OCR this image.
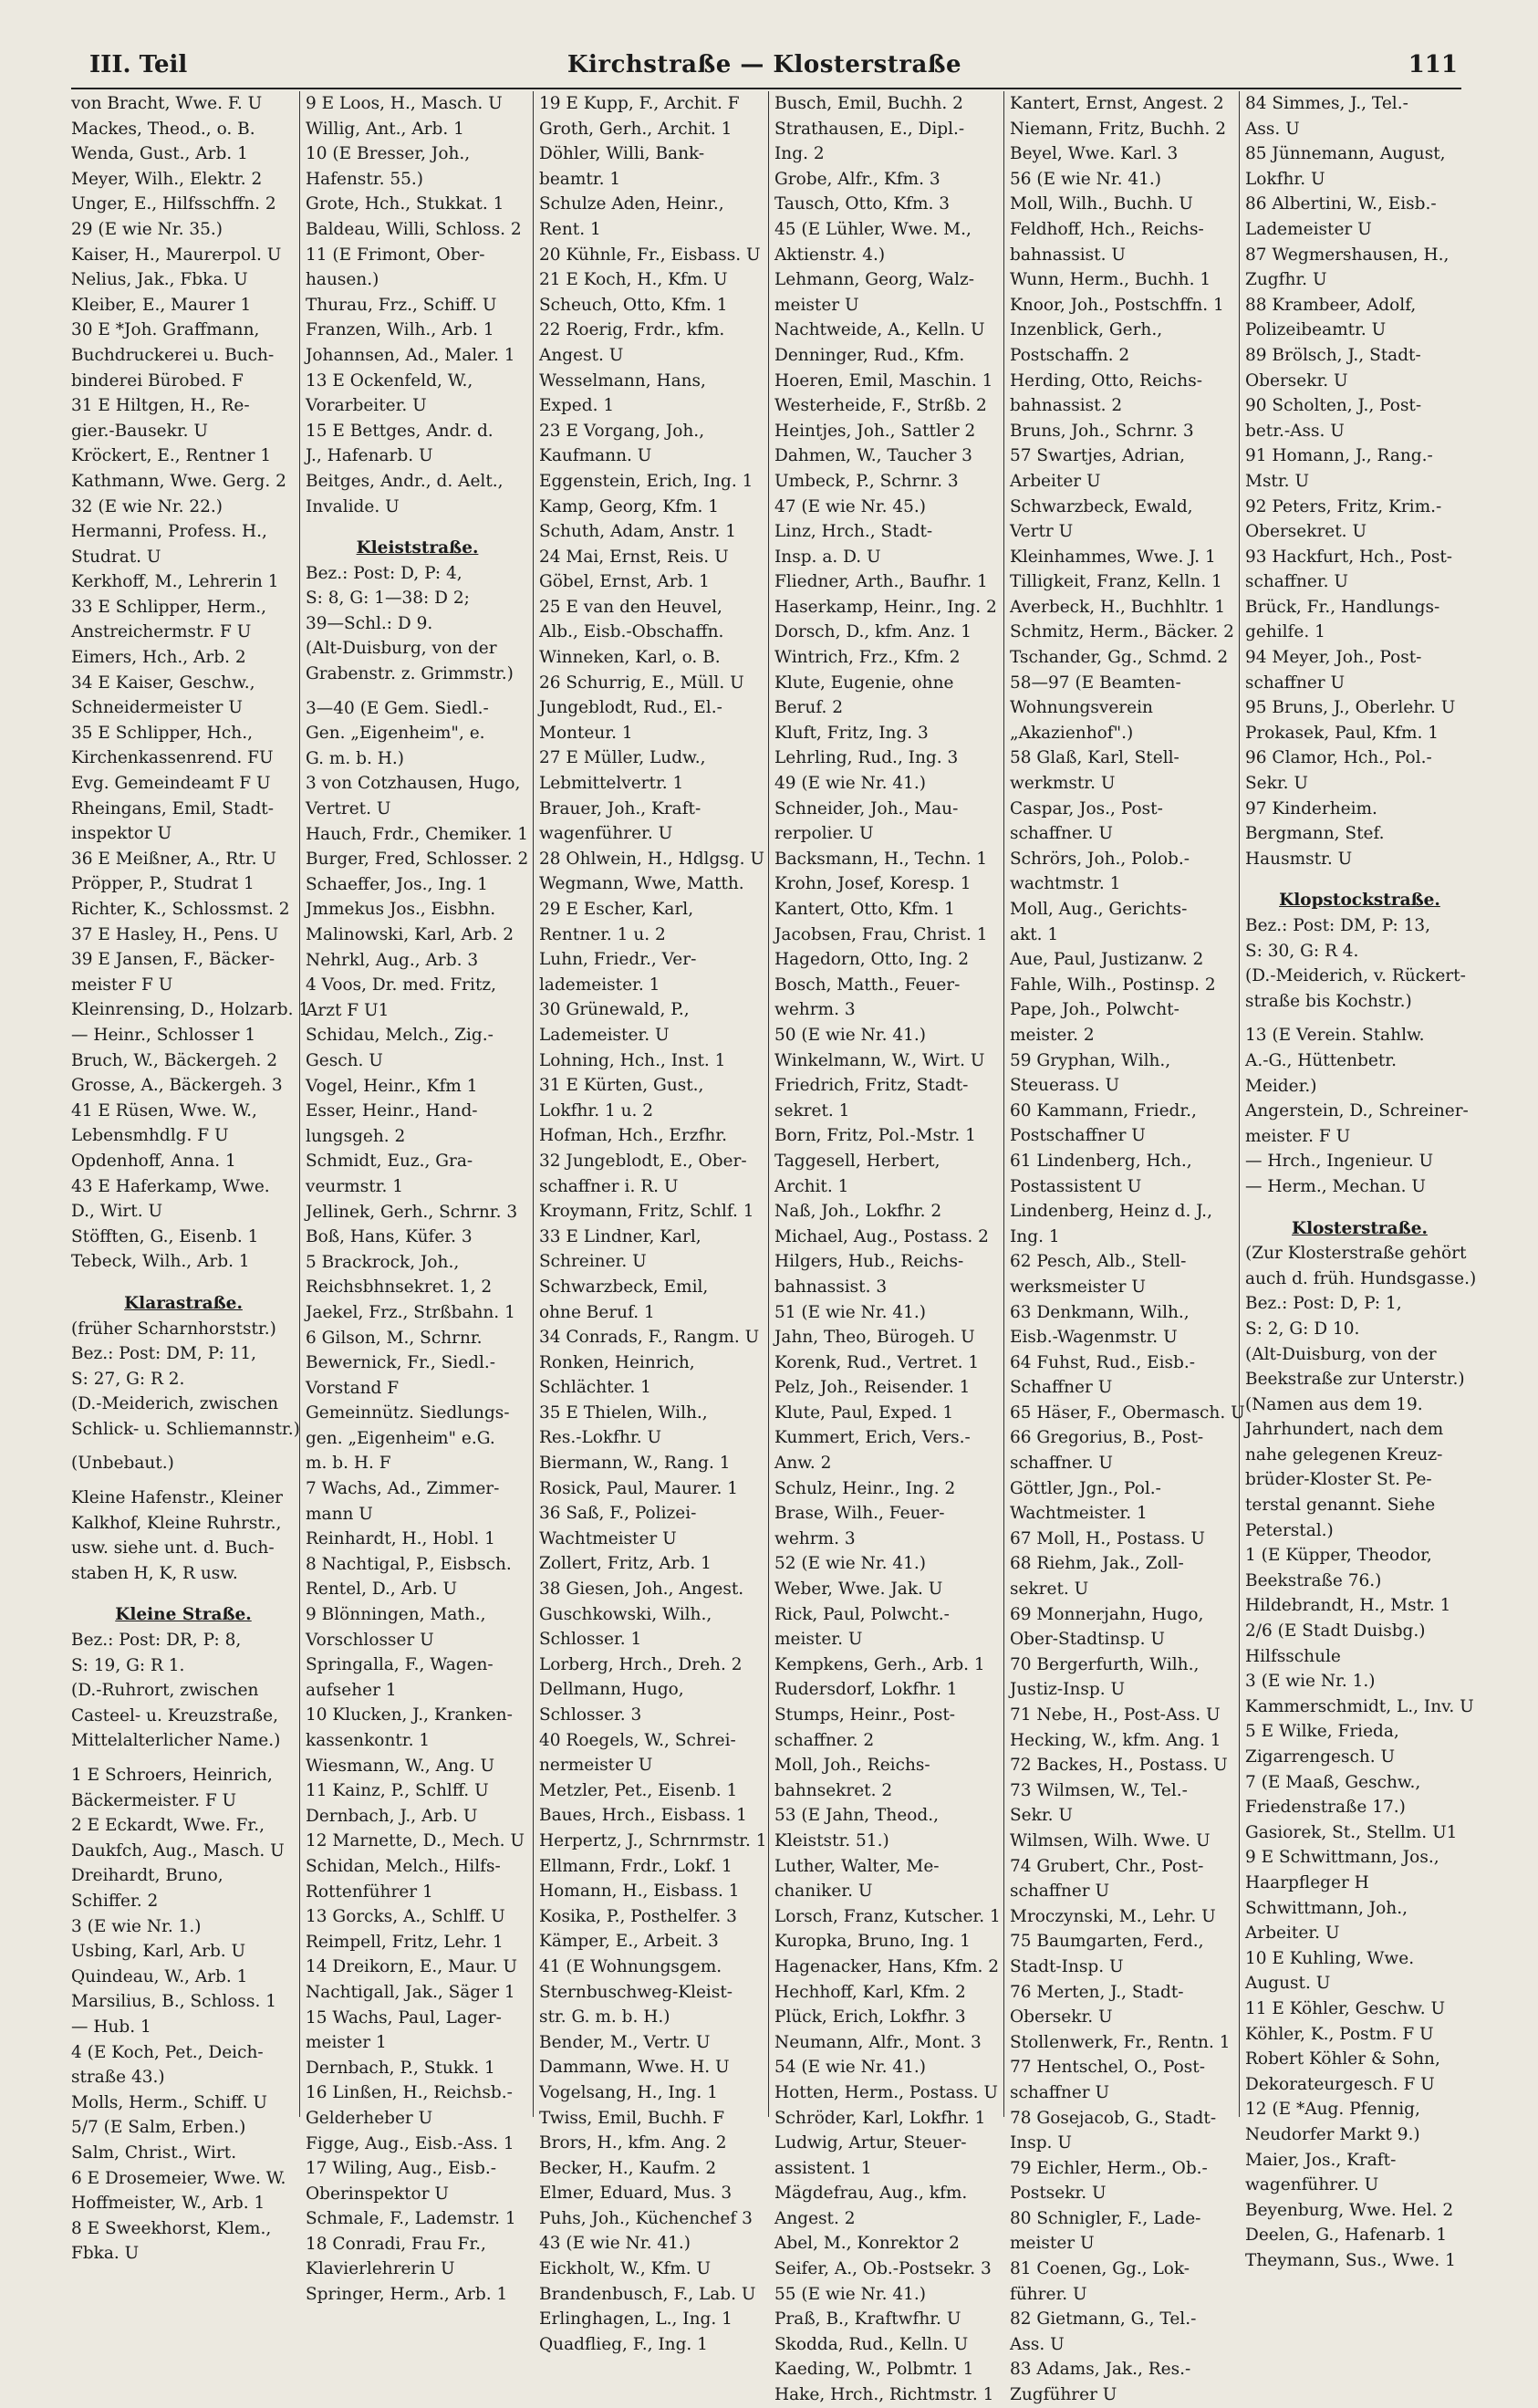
III. Teil	Kirchstraße — Klosterstraße	111
von Bracht, Wwe. F. U
Mackes, Theod., o. B.
Wenda, Gust., Arb. 1
Meyer, Wilh., Elektr. 2
Unger, E., Hilfsschffn. 2
29 (E wie Nr. 35.)
Kaiser, H., Maurerpol. U
Nelius, Jak., Fbka. U
Kleiber, E., Maurer 1
30 E *Joh. Graffmann,
Buchdruckerei u. Buch-
binderei Bürobed. F
31 E Hiltgen, H., Re-
gier.-Bausekr. U
Kröckert, E., Rentner 1
Kathmann, Wwe. Gerg. 2
32 (E wie Nr. 22.)
Hermanni, Profess. H.,
Studrat. U
Kerkhoff, M., Lehrerin 1
33 E Schlipper, Herm.,
Anstreichermstr. F U
Eimers, Hch., Arb. 2
34 E Kaiser, Geschw.,
Schneidermeister U
35 E Schlipper, Hch.,
Kirchenkassenrend. FU
Evg. Gemeindeamt F U
Rheingans, Emil, Stadt-
inspektor U
36 E Meißner, A., Rtr. U
Pröpper, P., Studrat 1
Richter, K., Schlossmst. 2
37 E Hasley, H., Pens. U
39 E Jansen, F., Bäcker-
meister F U
Kleinrensing, D., Holzarb. 1
— Heinr., Schlosser 1
Bruch, W., Bäckergeh. 2
Grosse, A., Bäckergeh. 3
41 E Rüsen, Wwe. W.,
Lebensmhdlg. F U
Opdenhoff, Anna. 1
43 E Haferkamp, Wwe.
D., Wirt. U
Stöfften, G., Eisenb. 1
Tebeck, Wilh., Arb. 1
Klarastraße.
(früher Scharnhorststr.)
Bez.: Post: DM, P: 11,
S: 27, G: R 2.
(D.-Meiderich, zwischen
Schlick- u. Schliemannstr.)
(Unbebaut.)
Kleine Hafenstr., Kleiner
Kalkhof, Kleine Ruhrstr.,
usw. siehe unt. d. Buch-
staben H, K, R usw.
Kleine Straße.
Bez.: Post: DR, P: 8,
S: 19, G: R 1.
(D.-Ruhrort, zwischen
Casteel- u. Kreuzstraße,
Mittelalterlicher Name.)
1 E Schroers, Heinrich,
Bäckermeister. F U
2 E Eckardt, Wwe. Fr.,
Daukfch, Aug., Masch. U
Dreihardt, Bruno,
Schiffer. 2
3 (E wie Nr. 1.)
Usbing, Karl, Arb. U
Quindeau, W., Arb. 1
Marsilius, B., Schloss. 1
— Hub. 1
4 (E Koch, Pet., Deich-
straße 43.)
Molls, Herm., Schiff. U
5/7 (E Salm, Erben.)
Salm, Christ., Wirt.
6 E Drosemeier, Wwe. W.
Hoffmeister, W., Arb. 1
8 E Sweekhorst, Klem.,
Fbka. U
9 E Loos, H., Masch. U
Willig, Ant., Arb. 1
10 (E Bresser, Joh.,
Hafenstr. 55.)
Grote, Hch., Stukkat. 1
Baldeau, Willi, Schloss. 2
11 (E Frimont, Ober-
hausen.)
Thurau, Frz., Schiff. U
Franzen, Wilh., Arb. 1
Johannsen, Ad., Maler. 1
13 E Ockenfeld, W.,
Vorarbeiter. U
15 E Bettges, Andr. d.
J., Hafenarb. U
Beitges, Andr., d. Aelt.,
Invalide. U
Kleiststraße.
Bez.: Post: D, P: 4,
S: 8, G: 1—38: D 2;
39—Schl.: D 9.
(Alt-Duisburg, von der
Grabenstr. z. Grimmstr.)
3—40 (E Gem. Siedl.-
Gen. „Eigenheim", e.
G. m. b. H.)
3 von Cotzhausen, Hugo,
Vertret. U
Hauch, Frdr., Chemiker. 1
Burger, Fred, Schlosser. 2
Schaeffer, Jos., Ing. 1
Jmmekus Jos., Eisbhn.
Malinowski, Karl, Arb. 2
Nehrkl, Aug., Arb. 3
4 Voos, Dr. med. Fritz,
Arzt F U1
Schidau, Melch., Zig.-
Gesch. U
Vogel, Heinr., Kfm 1
Esser, Heinr., Hand-
lungsgeh. 2
Schmidt, Euz., Gra-
veurmstr. 1
Jellinek, Gerh., Schrnr. 3
Boß, Hans, Küfer. 3
5 Brackrock, Joh.,
Reichsbhnsekret. 1, 2
Jaekel, Frz., Strßbahn. 1
6 Gilson, M., Schrnr.
Bewernick, Fr., Siedl.-
Vorstand F
Gemeinnütz. Siedlungs-
gen. „Eigenheim" e.G.
m. b. H. F
7 Wachs, Ad., Zimmer-
mann U
Reinhardt, H., Hobl. 1
8 Nachtigal, P., Eisbsch.
Rentel, D., Arb. U
9 Blönningen, Math.,
Vorschlosser U
Springalla, F., Wagen-
aufseher 1
10 Klucken, J., Kranken-
kassenkontr. 1
Wiesmann, W., Ang. U
11 Kainz, P., Schlff. U
Dernbach, J., Arb. U
12 Marnette, D., Mech. U
Schidan, Melch., Hilfs-
Rottenführer 1
13 Gorcks, A., Schlff. U
Reimpell, Fritz, Lehr. 1
14 Dreikorn, E., Maur. U
Nachtigall, Jak., Säger 1
15 Wachs, Paul, Lager-
meister 1
Dernbach, P., Stukk. 1
16 Linßen, H., Reichsb.-
Gelderheber U
Figge, Aug., Eisb.-Ass. 1
17 Wiling, Aug., Eisb.-
Oberinspektor U
Schmale, F., Lademstr. 1
18 Conradi, Frau Fr.,
Klavierlehrerin U
Springer, Herm., Arb. 1
19 E Kupp, F., Archit. F
Groth, Gerh., Archit. 1
Döhler, Willi, Bank-
beamtr. 1
Schulze Aden, Heinr.,
Rent. 1
20 Kühnle, Fr., Eisbass. U
21 E Koch, H., Kfm. U
Scheuch, Otto, Kfm. 1
22 Roerig, Frdr., kfm.
Angest. U
Wesselmann, Hans,
Exped. 1
23 E Vorgang, Joh.,
Kaufmann. U
Eggenstein, Erich, Ing. 1
Kamp, Georg, Kfm. 1
Schuth, Adam, Anstr. 1
24 Mai, Ernst, Reis. U
Göbel, Ernst, Arb. 1
25 E van den Heuvel,
Alb., Eisb.-Obschaffn.
Winneken, Karl, o. B.
26 Schurrig, E., Müll. U
Jungeblodt, Rud., El.-
Monteur. 1
27 E Müller, Ludw.,
Lebmittelvertr. 1
Brauer, Joh., Kraft-
wagenführer. U
28 Ohlwein, H., Hdlgsg. U
Wegmann, Wwe, Matth.
29 E Escher, Karl,
Rentner. 1 u. 2
Luhn, Friedr., Ver-
lademeister. 1
30 Grünewald, P.,
Lademeister. U
Lohning, Hch., Inst. 1
31 E Kürten, Gust.,
Lokfhr. 1 u. 2
Hofman, Hch., Erzfhr.
32 Jungeblodt, E., Ober-
schaffner i. R. U
Kroymann, Fritz, Schlf. 1
33 E Lindner, Karl,
Schreiner. U
Schwarzbeck, Emil,
ohne Beruf. 1
34 Conrads, F., Rangm. U
Ronken, Heinrich,
Schlächter. 1
35 E Thielen, Wilh.,
Res.-Lokfhr. U
Biermann, W., Rang. 1
Rosick, Paul, Maurer. 1
36 Saß, F., Polizei-
Wachtmeister U
Zollert, Fritz, Arb. 1
38 Giesen, Joh., Angest.
Guschkowski, Wilh.,
Schlosser. 1
Lorberg, Hrch., Dreh. 2
Dellmann, Hugo,
Schlosser. 3
40 Roegels, W., Schrei-
nermeister U
Metzler, Pet., Eisenb. 1
Baues, Hrch., Eisbass. 1
Herpertz, J., Schrnrmstr. 1
Ellmann, Frdr., Lokf. 1
Homann, H., Eisbass. 1
Kosika, P., Posthelfer. 3
Kämper, E., Arbeit. 3
41 (E Wohnungsgem.
Sternbuschweg-Kleist-
str. G. m. b. H.)
Bender, M., Vertr. U
Dammann, Wwe. H. U
Vogelsang, H., Ing. 1
Twiss, Emil, Buchh. F
Brors, H., kfm. Ang. 2
Becker, H., Kaufm. 2
Elmer, Eduard, Mus. 3
Puhs, Joh., Küchenchef 3
43 (E wie Nr. 41.)
Eickholt, W., Kfm. U
Brandenbusch, F., Lab. U
Erlinghagen, L., Ing. 1
Quadflieg, F., Ing. 1
Busch, Emil, Buchh. 2
Strathausen, E., Dipl.-
Ing. 2
Grobe, Alfr., Kfm. 3
Tausch, Otto, Kfm. 3
45 (E Lühler, Wwe. M.,
Aktienstr. 4.)
Lehmann, Georg, Walz-
meister U
Nachtweide, A., Kelln. U
Denninger, Rud., Kfm.
Hoeren, Emil, Maschin. 1
Westerheide, F., Strßb. 2
Heintjes, Joh., Sattler 2
Dahmen, W., Taucher 3
Umbeck, P., Schrnr. 3
47 (E wie Nr. 45.)
Linz, Hrch., Stadt-
Insp. a. D. U
Fliedner, Arth., Baufhr. 1
Haserkamp, Heinr., Ing. 2
Dorsch, D., kfm. Anz. 1
Wintrich, Frz., Kfm. 2
Klute, Eugenie, ohne
Beruf. 2
Kluft, Fritz, Ing. 3
Lehrling, Rud., Ing. 3
49 (E wie Nr. 41.)
Schneider, Joh., Mau-
rerpolier. U
Backsmann, H., Techn. 1
Krohn, Josef, Koresp. 1
Kantert, Otto, Kfm. 1
Jacobsen, Frau, Christ. 1
Hagedorn, Otto, Ing. 2
Bosch, Matth., Feuer-
wehrm. 3
50 (E wie Nr. 41.)
Winkelmann, W., Wirt. U
Friedrich, Fritz, Stadt-
sekret. 1
Born, Fritz, Pol.-Mstr. 1
Taggesell, Herbert,
Archit. 1
Naß, Joh., Lokfhr. 2
Michael, Aug., Postass. 2
Hilgers, Hub., Reichs-
bahnassist. 3
51 (E wie Nr. 41.)
Jahn, Theo, Bürogeh. U
Korenk, Rud., Vertret. 1
Pelz, Joh., Reisender. 1
Klute, Paul, Exped. 1
Kummert, Erich, Vers.-
Anw. 2
Schulz, Heinr., Ing. 2
Brase, Wilh., Feuer-
wehrm. 3
52 (E wie Nr. 41.)
Weber, Wwe. Jak. U
Rick, Paul, Polwcht.-
meister. U
Kempkens, Gerh., Arb. 1
Rudersdorf, Lokfhr. 1
Stumps, Heinr., Post-
schaffner. 2
Moll, Joh., Reichs-
bahnsekret. 2
53 (E Jahn, Theod.,
Kleiststr. 51.)
Luther, Walter, Me-
chaniker. U
Lorsch, Franz, Kutscher. 1
Kuropka, Bruno, Ing. 1
Hagenacker, Hans, Kfm. 2
Hechhoff, Karl, Kfm. 2
Plück, Erich, Lokfhr. 3
Neumann, Alfr., Mont. 3
54 (E wie Nr. 41.)
Hotten, Herm., Postass. U
Schröder, Karl, Lokfhr. 1
Ludwig, Artur, Steuer-
assistent. 1
Mägdefrau, Aug., kfm.
Angest. 2
Abel, M., Konrektor 2
Seifer, A., Ob.-Postsekr. 3
55 (E wie Nr. 41.)
Praß, B., Kraftwfhr. U
Skodda, Rud., Kelln. U
Kaeding, W., Polbmtr. 1
Hake, Hrch., Richtmstr. 1
Kantert, Ernst, Angest. 2
Niemann, Fritz, Buchh. 2
Beyel, Wwe. Karl. 3
56 (E wie Nr. 41.)
Moll, Wilh., Buchh. U
Feldhoff, Hch., Reichs-
bahnassist. U
Wunn, Herm., Buchh. 1
Knoor, Joh., Postschffn. 1
Inzenblick, Gerh.,
Postschaffn. 2
Herding, Otto, Reichs-
bahnassist. 2
Bruns, Joh., Schrnr. 3
57 Swartjes, Adrian,
Arbeiter U
Schwarzbeck, Ewald,
Vertr U
Kleinhammes, Wwe. J. 1
Tilligkeit, Franz, Kelln. 1
Averbeck, H., Buchhltr. 1
Schmitz, Herm., Bäcker. 2
Tschander, Gg., Schmd. 2
58—97 (E Beamten-
Wohnungsverein
„Akazienhof".)
58 Glaß, Karl, Stell-
werkmstr. U
Caspar, Jos., Post-
schaffner. U
Schrörs, Joh., Polob.-
wachtmstr. 1
Moll, Aug., Gerichts-
akt. 1
Aue, Paul, Justizanw. 2
Fahle, Wilh., Postinsp. 2
Pape, Joh., Polwcht-
meister. 2
59 Gryphan, Wilh.,
Steuerass. U
60 Kammann, Friedr.,
Postschaffner U
61 Lindenberg, Hch.,
Postassistent U
Lindenberg, Heinz d. J.,
Ing. 1
62 Pesch, Alb., Stell-
werksmeister U
63 Denkmann, Wilh.,
Eisb.-Wagenmstr. U
64 Fuhst, Rud., Eisb.-
Schaffner U
65 Häser, F., Obermasch. U
66 Gregorius, B., Post-
schaffner. U
Göttler, Jgn., Pol.-
Wachtmeister. 1
67 Moll, H., Postass. U
68 Riehm, Jak., Zoll-
sekret. U
69 Monnerjahn, Hugo,
Ober-Stadtinsp. U
70 Bergerfurth, Wilh.,
Justiz-Insp. U
71 Nebe, H., Post-Ass. U
Hecking, W., kfm. Ang. 1
72 Backes, H., Postass. U
73 Wilmsen, W., Tel.-
Sekr. U
Wilmsen, Wilh. Wwe. U
74 Grubert, Chr., Post-
schaffner U
Mroczynski, M., Lehr. U
75 Baumgarten, Ferd.,
Stadt-Insp. U
76 Merten, J., Stadt-
Obersekr. U
Stollenwerk, Fr., Rentn. 1
77 Hentschel, O., Post-
schaffner U
78 Gosejacob, G., Stadt-
Insp. U
79 Eichler, Herm., Ob.-
Postsekr. U
80 Schnigler, F., Lade-
meister U
81 Coenen, Gg., Lok-
führer. U
82 Gietmann, G., Tel.-
Ass. U
83 Adams, Jak., Res.-
Zugführer U
84 Simmes, J., Tel.-
Ass. U
85 Jünnemann, August,
Lokfhr. U
86 Albertini, W., Eisb.-
Lademeister U
87 Wegmershausen, H.,
Zugfhr. U
88 Krambeer, Adolf,
Polizeibeamtr. U
89 Brölsch, J., Stadt-
Obersekr. U
90 Scholten, J., Post-
betr.-Ass. U
91 Homann, J., Rang.-
Mstr. U
92 Peters, Fritz, Krim.-
Obersekret. U
93 Hackfurt, Hch., Post-
schaffner. U
Brück, Fr., Handlungs-
gehilfe. 1
94 Meyer, Joh., Post-
schaffner U
95 Bruns, J., Oberlehr. U
Prokasek, Paul, Kfm. 1
96 Clamor, Hch., Pol.-
Sekr. U
97 Kinderheim.
Bergmann, Stef.
Hausmstr. U
Klopstockstraße.
Bez.: Post: DM, P: 13,
S: 30, G: R 4.
(D.-Meiderich, v. Rückert-
straße bis Kochstr.)
13 (E Verein. Stahlw.
A.-G., Hüttenbetr.
Meider.)
Angerstein, D., Schreiner-
meister. F U
— Hrch., Ingenieur. U
— Herm., Mechan. U
Klosterstraße.
(Zur Klosterstraße gehört
auch d. früh. Hundsgasse.)
Bez.: Post: D, P: 1,
S: 2, G: D 10.
(Alt-Duisburg, von der
Beekstraße zur Unterstr.)
(Namen aus dem 19.
Jahrhundert, nach dem
nahe gelegenen Kreuz-
brüder-Kloster St. Pe-
terstal genannt. Siehe
Peterstal.)
1 (E Küpper, Theodor,
Beekstraße 76.)
Hildebrandt, H., Mstr. 1
2/6 (E Stadt Duisbg.)
Hilfsschule
3 (E wie Nr. 1.)
Kammerschmidt, L., Inv. U
5 E Wilke, Frieda,
Zigarrengesch. U
7 (E Maaß, Geschw.,
Friedenstraße 17.)
Gasiorek, St., Stellm. U1
9 E Schwittmann, Jos.,
Haarpfleger H
Schwittmann, Joh.,
Arbeiter. U
10 E Kuhling, Wwe.
August. U
11 E Köhler, Geschw. U
Köhler, K., Postm. F U
Robert Köhler & Sohn,
Dekorateurgesch. F U
12 (E *Aug. Pfennig,
Neudorfer Markt 9.)
Maier, Jos., Kraft-
wagenführer. U
Beyenburg, Wwe. Hel. 2
Deelen, G., Hafenarb. 1
Theymann, Sus., Wwe. 1
